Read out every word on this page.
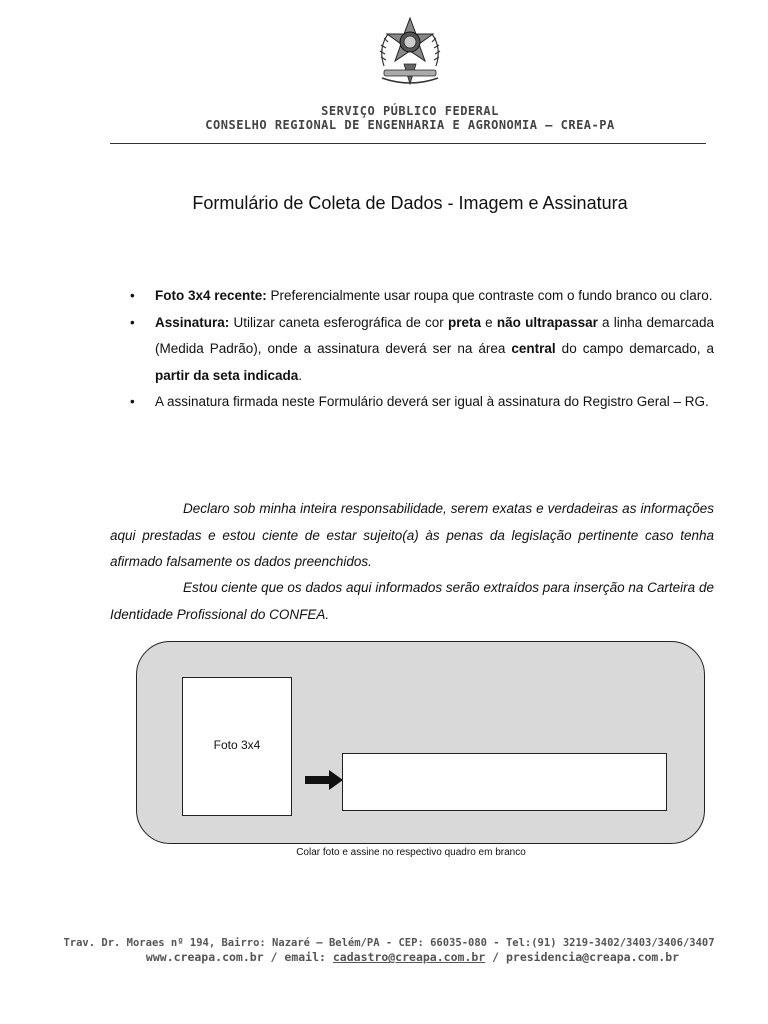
SERVIÇO PÚBLICO FEDERAL
CONSELHO REGIONAL DE ENGENHARIA E AGRONOMIA – CREA-PA
Formulário de Coleta de Dados - Imagem e Assinatura
• Foto 3x4 recente: Preferencialmente usar roupa que contraste com o fundo branco ou claro.
• Assinatura: Utilizar caneta esferográfica de cor preta e não ultrapassar a linha demarcada (Medida Padrão), onde a assinatura deverá ser na área central do campo demarcado, a partir da seta indicada.
• A assinatura firmada neste Formulário deverá ser igual à assinatura do Registro Geral – RG.
Declaro sob minha inteira responsabilidade, serem exatas e verdadeiras as informações aqui prestadas e estou ciente de estar sujeito(a) às penas da legislação pertinente caso tenha afirmado falsamente os dados preenchidos.
Estou ciente que os dados aqui informados serão extraídos para inserção na Carteira de Identidade Profissional do CONFEA.
Foto 3x4
Colar foto e assine no respectivo quadro em branco
Trav. Dr. Moraes nº 194, Bairro: Nazaré – Belém/PA - CEP: 66035-080 - Tel:(91) 3219-3402/3403/3406/3407
www.creapa.com.br / email: cadastro@creapa.com.br / presidencia@creapa.com.br
